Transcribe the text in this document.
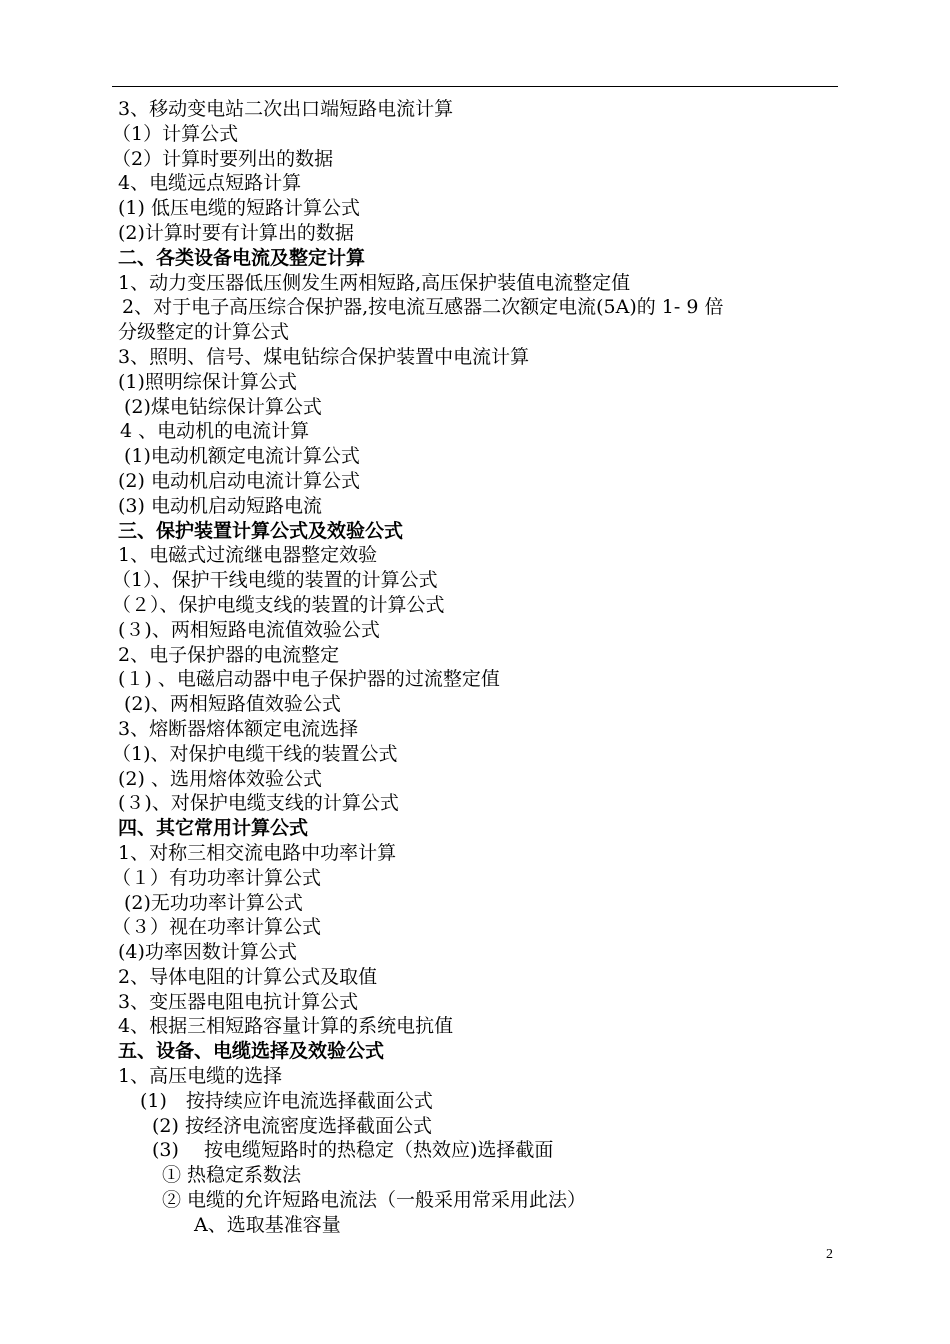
3、移动变电站二次出口端短路电流计算
（1）计算公式
（2）计算时要列出的数据
4、电缆远点短路计算
(1) 低压电缆的短路计算公式
(2)计算时要有计算出的数据
二、各类设备电流及整定计算
1、动力变压器低压侧发生两相短路,高压保护装值电流整定值
2、对于电子高压综合保护器,按电流互感器二次额定电流(5A)的 1- 9 倍
分级整定的计算公式
3、照明、信号、煤电钻综合保护装置中电流计算
(1)照明综保计算公式
(2)煤电钻综保计算公式
4 、电动机的电流计算
(1)电动机额定电流计算公式
(2) 电动机启动电流计算公式
(3) 电动机启动短路电流
三、保护装置计算公式及效验公式
1、电磁式过流继电器整定效验
（1）、保护干线电缆的装置的计算公式
（２）、保护电缆支线的装置的计算公式
(３)、两相短路电流值效验公式
2、电子保护器的电流整定
(１) 、电磁启动器中电子保护器的过流整定值
(2)、两相短路值效验公式
3、熔断器熔体额定电流选择
（1)、对保护电缆干线的装置公式
(2) 、选用熔体效验公式
(３)、对保护电缆支线的计算公式
四、其它常用计算公式
1、对称三相交流电路中功率计算
（１）有功功率计算公式
(2)无功功率计算公式
（３）视在功率计算公式
(4)功率因数计算公式
2、导体电阻的计算公式及取值
3、变压器电阻电抗计算公式
4、根据三相短路容量计算的系统电抗值
五、设备、电缆选择及效验公式
1、高压电缆的选择
(1)　按持续应许电流选择截面公式
(2) 按经济电流密度选择截面公式
(3)　 按电缆短路时的热稳定（热效应)选择截面
① 热稳定系数法
② 电缆的允许短路电流法（一般采用常采用此法）
A、选取基准容量
2
